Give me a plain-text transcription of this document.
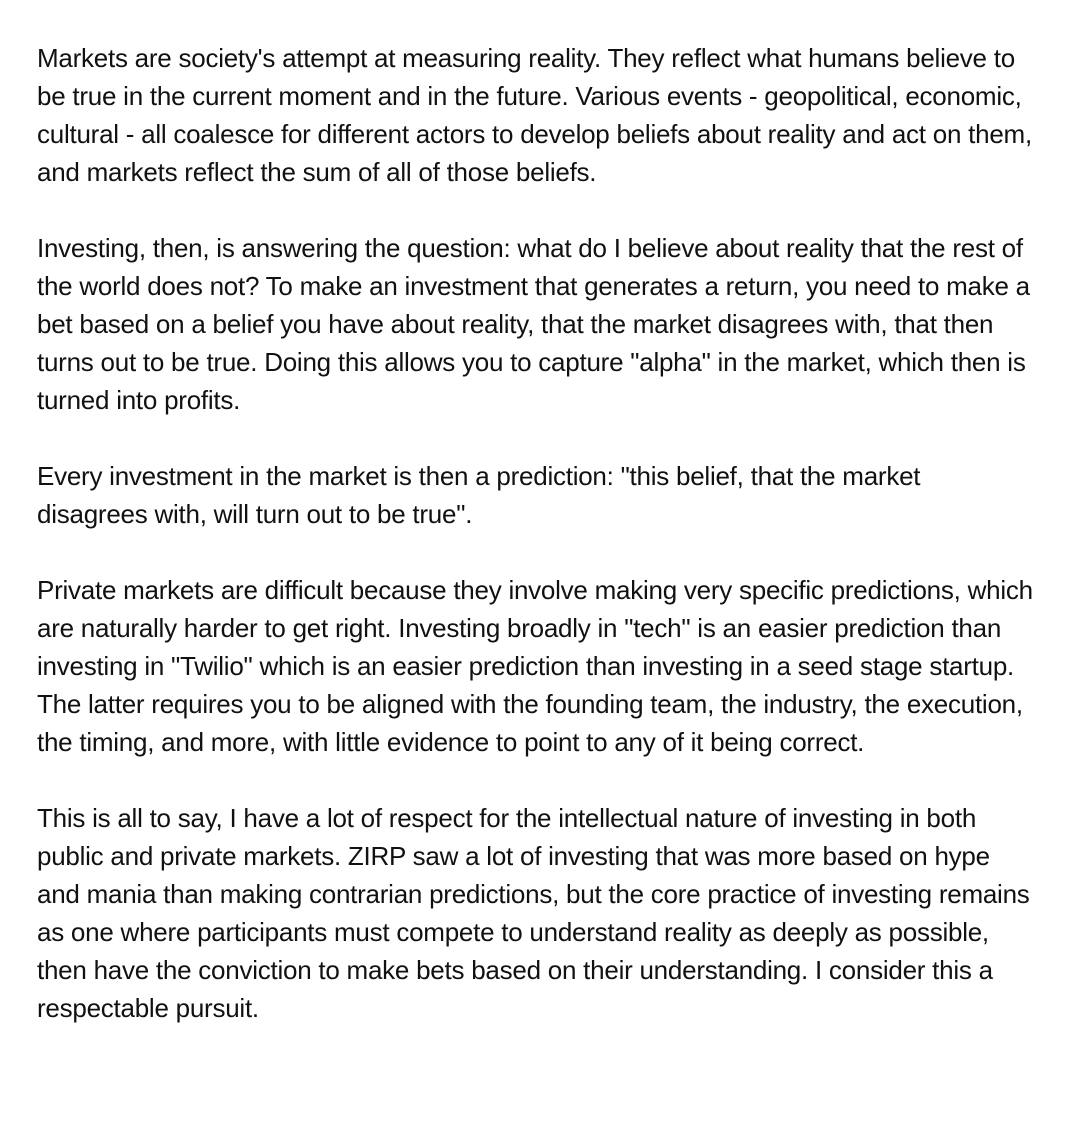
Markets are society's attempt at measuring reality. They reflect what humans believe to be true in the current moment and in the future. Various events - geopolitical, economic, cultural - all coalesce for different actors to develop beliefs about reality and act on them, and markets reflect the sum of all of those beliefs.

Investing, then, is answering the question: what do I believe about reality that the rest of the world does not? To make an investment that generates a return, you need to make a bet based on a belief you have about reality, that the market disagrees with, that then turns out to be true. Doing this allows you to capture "alpha" in the market, which then is turned into profits.

Every investment in the market is then a prediction: "this belief, that the market disagrees with, will turn out to be true".

Private markets are difficult because they involve making very specific predictions, which are naturally harder to get right. Investing broadly in "tech" is an easier prediction than investing in "Twilio" which is an easier prediction than investing in a seed stage startup. The latter requires you to be aligned with the founding team, the industry, the execution, the timing, and more, with little evidence to point to any of it being correct.

This is all to say, I have a lot of respect for the intellectual nature of investing in both public and private markets. ZIRP saw a lot of investing that was more based on hype and mania than making contrarian predictions, but the core practice of investing remains as one where participants must compete to understand reality as deeply as possible, then have the conviction to make bets based on their understanding. I consider this a respectable pursuit.
